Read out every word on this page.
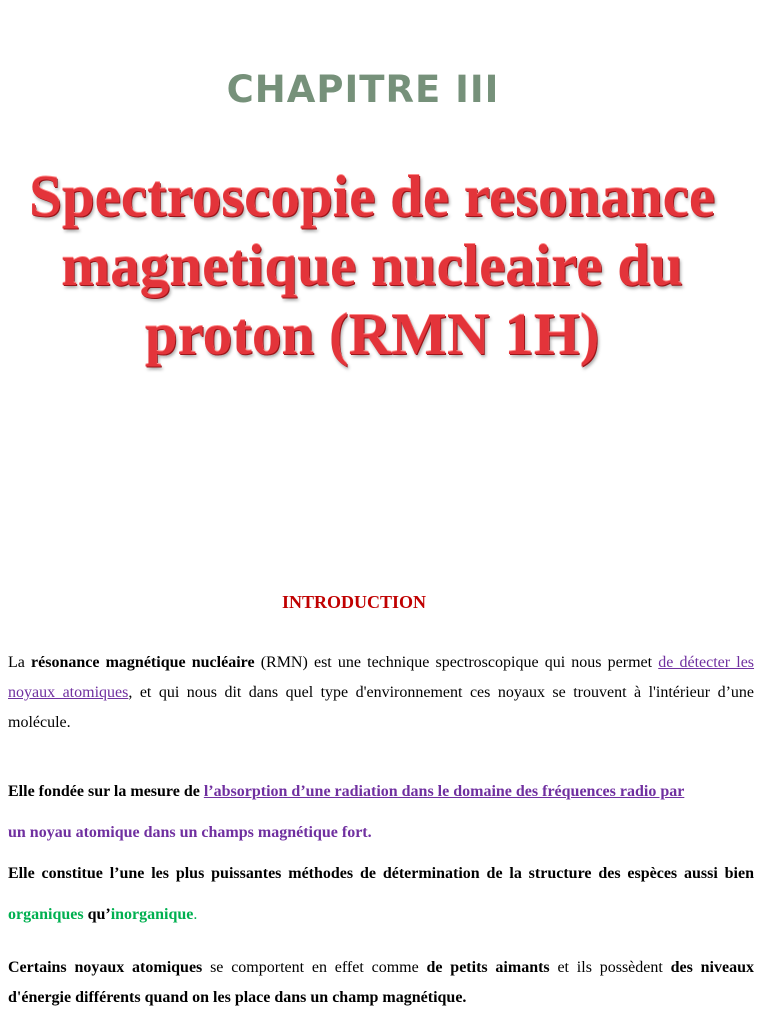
CHAPITRE III
Spectroscopie de resonance
magnetique nucleaire du
proton (RMN 1H)
INTRODUCTION

La résonance magnétique nucléaire (RMN) est une technique spectroscopique qui nous permet de détecter les noyaux atomiques, et qui nous dit dans quel type d'environnement ces noyaux se trouvent à l'intérieur d’une molécule.

Elle fondée sur la mesure de l’absorption d’une radiation dans le domaine des fréquences radio par
un noyau atomique dans un champs magnétique fort.

Elle constitue l’une les plus puissantes méthodes de détermination de la structure des espèces aussi bien organiques qu’inorganique.

Certains noyaux atomiques se comportent en effet comme de petits aimants et ils possèdent des niveaux d'énergie différents quand on les place dans un champ magnétique.
